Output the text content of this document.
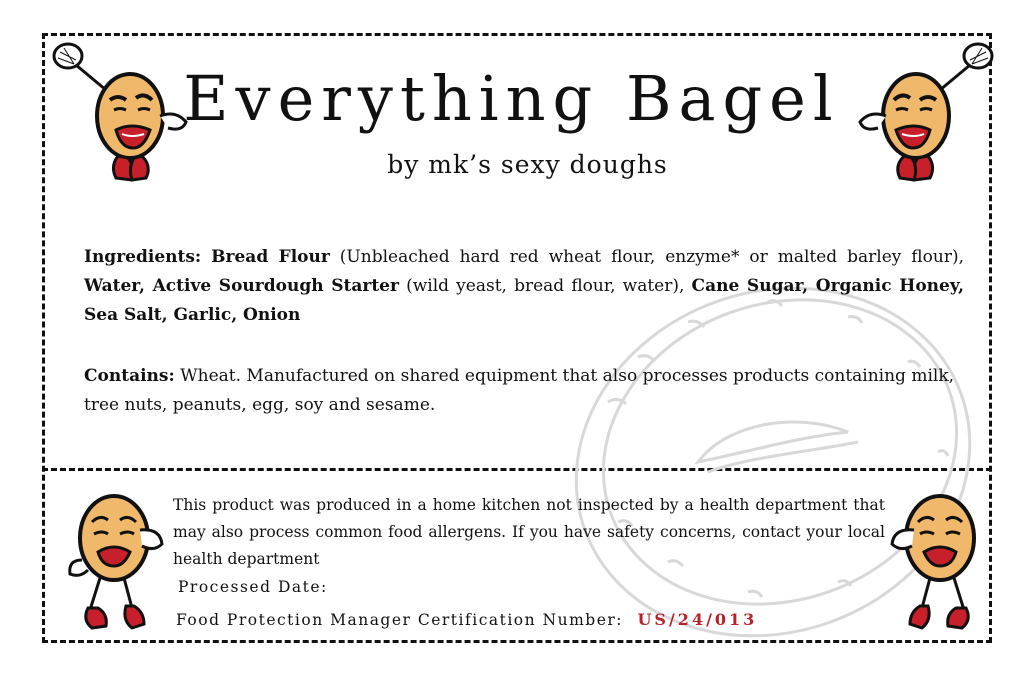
Everything Bagel
by mk’s sexy doughs
Ingredients: Bread Flour (Unbleached hard red wheat flour, enzyme* or malted barley flour), Water, Active Sourdough Starter (wild yeast, bread flour, water), Cane Sugar, Organic Honey, Sea Salt, Garlic, Onion
Contains: Wheat. Manufactured on shared equipment that also processes products containing milk, tree nuts, peanuts, egg, soy and sesame.
This product was produced in a home kitchen not inspected by a health department that may also process common food allergens. If you have safety concerns, contact your local health department
Processed Date:
Food Protection Manager Certification Number: US/24/013
